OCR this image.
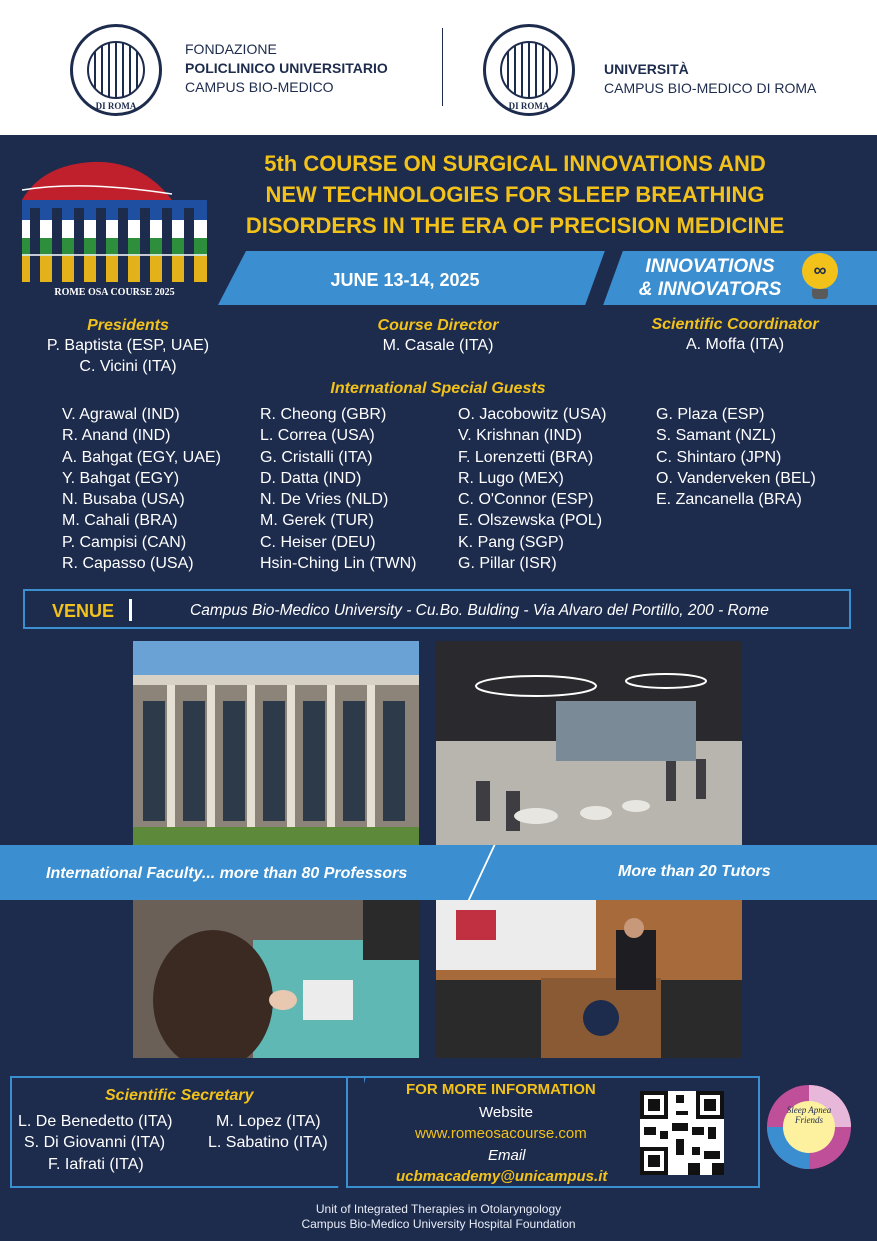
DI ROMA
FONDAZIONE
POLICLINICO UNIVERSITARIO
CAMPUS BIO-MEDICO
DI ROMA
UNIVERSITÀ
CAMPUS BIO-MEDICO DI ROMA
ROME OSA COURSE 2025
5th COURSE ON SURGICAL INNOVATIONS AND
NEW TECHNOLOGIES FOR SLEEP BREATHING
DISORDERS IN THE ERA OF PRECISION MEDICINE
JUNE 13-14, 2025
INNOVATIONS
& INNOVATORS
∞
Presidents
P. Baptista (ESP, UAE)
C. Vicini (ITA)
Course Director
M. Casale (ITA)
Scientific Coordinator
A. Moffa (ITA)
International Special Guests
V. Agrawal (IND)
R. Anand (IND)
A. Bahgat (EGY, UAE)
Y. Bahgat (EGY)
N. Busaba (USA)
M. Cahali (BRA)
P. Campisi (CAN)
R. Capasso (USA)
R. Cheong (GBR)
L. Correa (USA)
G. Cristalli (ITA)
D. Datta (IND)
N. De Vries (NLD)
M. Gerek (TUR)
C. Heiser (DEU)
Hsin-Ching Lin (TWN)
O. Jacobowitz (USA)
V. Krishnan (IND)
F. Lorenzetti (BRA)
R. Lugo (MEX)
C. O'Connor (ESP)
E. Olszewska (POL)
K. Pang (SGP)
G. Pillar (ISR)
G. Plaza (ESP)
S. Samant (NZL)
C. Shintaro (JPN)
O. Vanderveken (BEL)
E. Zancanella (BRA)
VENUE	Campus Bio-Medico University - Cu.Bo. Bulding - Via Alvaro del Portillo, 200 - Rome
International Faculty... more than 80 Professors	More than 20 Tutors
Scientific Secretary
L. De Benedetto (ITA)	M. Lopez (ITA)
S. Di Giovanni (ITA)	L. Sabatino (ITA)
F. Iafrati (ITA)
FOR MORE INFORMATION
Website
www.romeosacourse.com
Email
ucbmacademy@unicampus.it
Sleep Apnea Friends
Unit of Integrated Therapies in Otolaryngology
Campus Bio-Medico University Hospital Foundation
